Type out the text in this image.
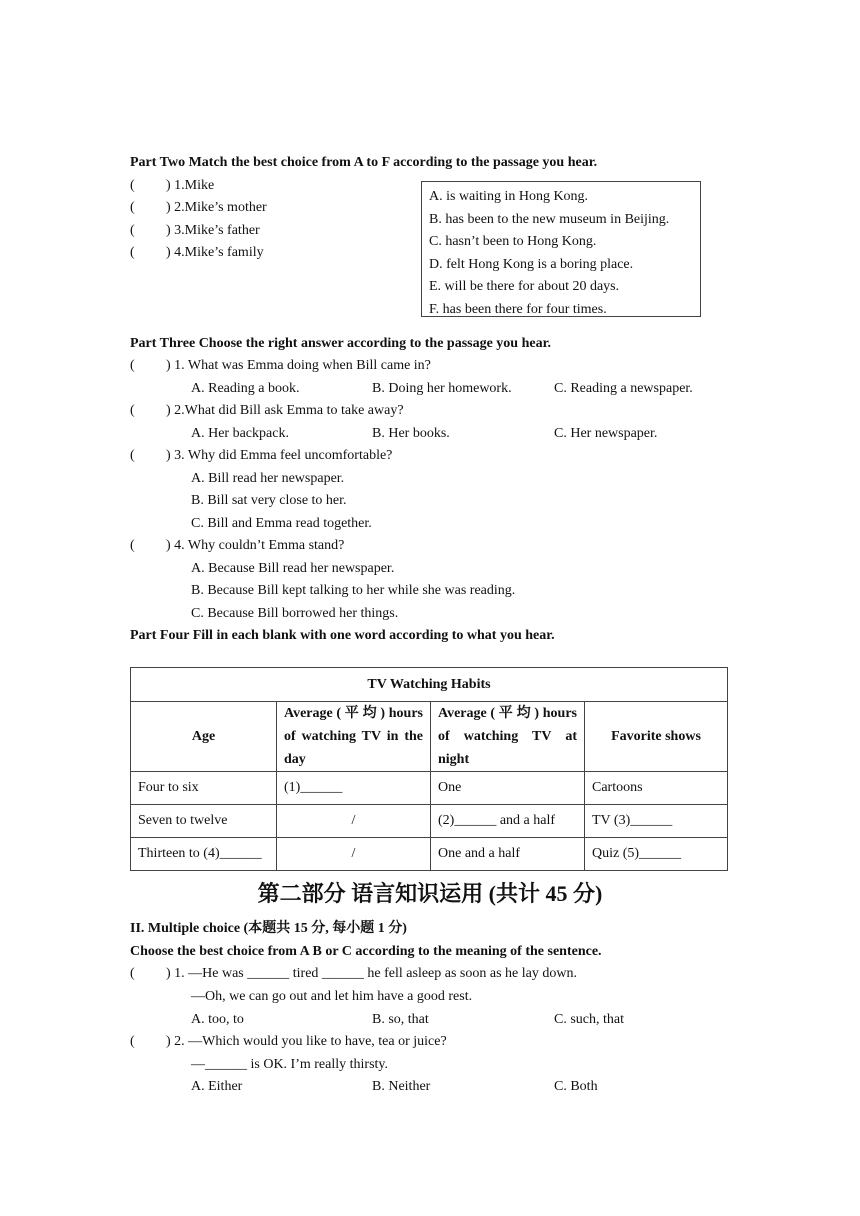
Part Two Match the best choice from A to F according to the passage you hear.
( ) 1.Mike
( ) 2.Mike’s mother
( ) 3.Mike’s father
( ) 4.Mike’s family
A. is waiting in Hong Kong.
B. has been to the new museum in Beijing.
C. hasn’t been to Hong Kong.
D. felt Hong Kong is a boring place.
E. will be there for about 20 days.
F. has been there for four times.
Part Three Choose the right answer according to the passage you hear.
( ) 1. What was Emma doing when Bill came in?
A. Reading a book.	B. Doing her homework.	C. Reading a newspaper.
( ) 2.What did Bill ask Emma to take away?
A. Her backpack.	B. Her books.	C. Her newspaper.
( ) 3. Why did Emma feel uncomfortable?
A. Bill read her newspaper.
B. Bill sat very close to her.
C. Bill and Emma read together.
( ) 4. Why couldn’t Emma stand?
A. Because Bill read her newspaper.
B. Because Bill kept talking to her while she was reading.
C. Because Bill borrowed her things.
Part Four Fill in each blank with one word according to what you hear.
TV Watching Habits			
Age	Average ( 平 均 ) hours of watching TV in the day	Average ( 平 均 ) hours of watching TV at night	Favorite shows
Four to six	(1)______	One	Cartoons
Seven to twelve	/	(2)______ and a half	TV (3)______
Thirteen to (4)______	/	One and a half	Quiz (5)______
第二部分 语言知识运用 (共计 45 分)
II. Multiple choice (本题共 15 分, 每小题 1 分)
Choose the best choice from A B or C according to the meaning of the sentence.
( ) 1. —He was ______ tired ______ he fell asleep as soon as he lay down.
—Oh, we can go out and let him have a good rest.
A. too, to	B. so, that	C. such, that
( ) 2. —Which would you like to have, tea or juice?
—______ is OK. I’m really thirsty.
A. Either	B. Neither	C. Both
